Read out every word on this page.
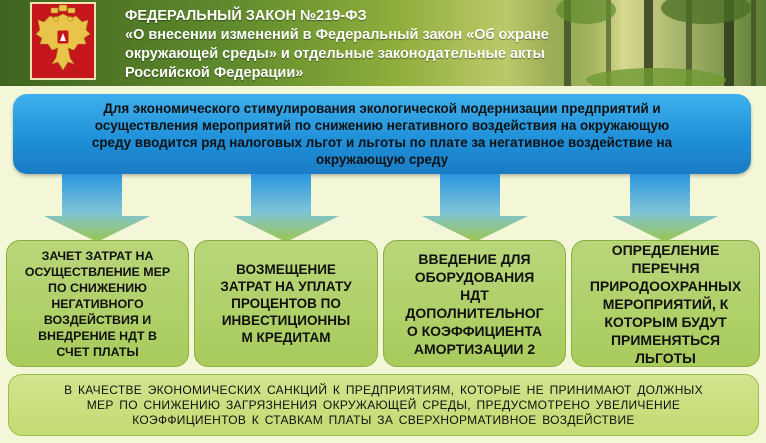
ФЕДЕРАЛЬНЫЙ ЗАКОН №219-ФЗ
«О внесении изменений в Федеральный закон «Об охране
окружающей среды» и отдельные законодательные акты
Российской Федерации»
Для экономического стимулирования экологической модернизации предприятий и
осуществления мероприятий по снижению негативного воздействия на окружающую
среду вводится ряд налоговых льгот и льготы по плате за негативное воздействие на
окружающую среду
ЗАЧЕТ ЗАТРАТ НА
ОСУЩЕСТВЛЕНИЕ МЕР
ПО СНИЖЕНИЮ
НЕГАТИВНОГО
ВОЗДЕЙСТВИЯ И
ВНЕДРЕНИЕ НДТ В
СЧЕТ ПЛАТЫ
ВОЗМЕЩЕНИЕ
ЗАТРАТ НА УПЛАТУ
ПРОЦЕНТОВ ПО
ИНВЕСТИЦИОННЫ
М КРЕДИТАМ
ВВЕДЕНИЕ ДЛЯ
ОБОРУДОВАНИЯ
НДТ
ДОПОЛНИТЕЛЬНОГ
О КОЭФФИЦИЕНТА
АМОРТИЗАЦИИ 2
ОПРЕДЕЛЕНИЕ
ПЕРЕЧНЯ
ПРИРОДООХРАННЫХ
МЕРОПРИЯТИЙ, К
КОТОРЫМ БУДУТ
ПРИМЕНЯТЬСЯ
ЛЬГОТЫ
В КАЧЕСТВЕ ЭКОНОМИЧЕСКИХ САНКЦИЙ К ПРЕДПРИЯТИЯМ, КОТОРЫЕ НЕ ПРИНИМАЮТ ДОЛЖНЫХ
МЕР ПО СНИЖЕНИЮ ЗАГРЯЗНЕНИЯ ОКРУЖАЮЩЕЙ СРЕДЫ, ПРЕДУСМОТРЕНО УВЕЛИЧЕНИЕ
КОЭФФИЦИЕНТОВ К СТАВКАМ ПЛАТЫ ЗА СВЕРХНОРМАТИВНОЕ ВОЗДЕЙСТВИЕ
